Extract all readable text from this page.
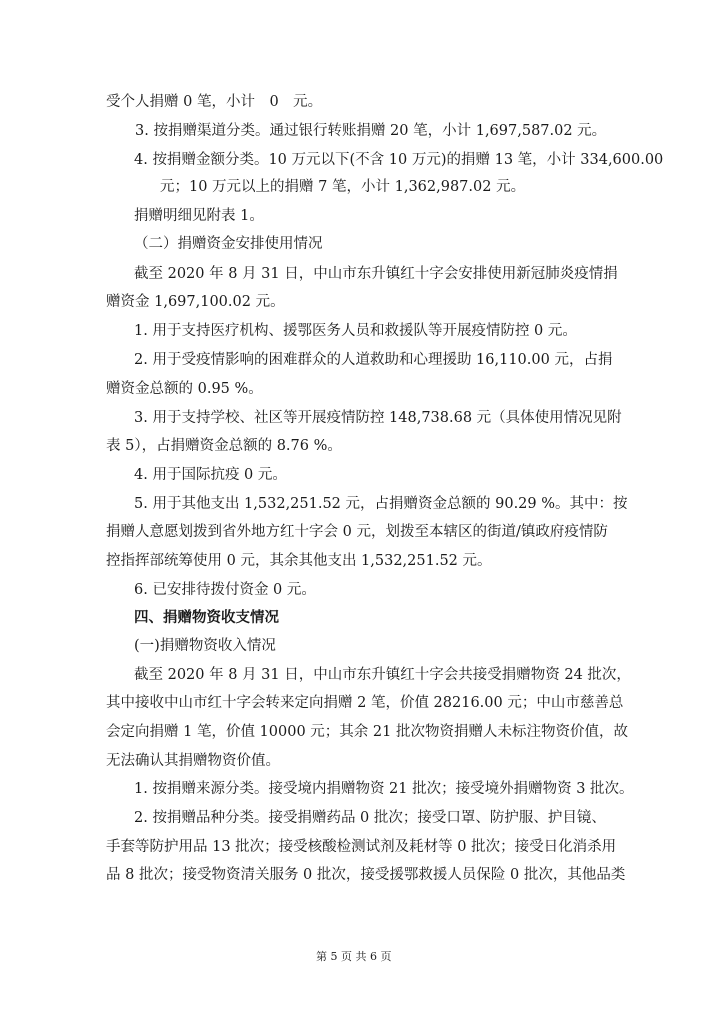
受个人捐赠 0 笔，小计　0　元。
3. 按捐赠渠道分类。通过银行转账捐赠 20 笔，小计 1,697,587.02 元。
4. 按捐赠金额分类。10 万元以下(不含 10 万元)的捐赠 13 笔，小计 334,600.00
元；10 万元以上的捐赠 7 笔，小计 1,362,987.02 元。
捐赠明细见附表 1。
（二）捐赠资金安排使用情况
截至 2020 年 8 月 31 日，中山市东升镇红十字会安排使用新冠肺炎疫情捐
赠资金 1,697,100.02 元。
1. 用于支持医疗机构、援鄂医务人员和救援队等开展疫情防控 0 元。
2. 用于受疫情影响的困难群众的人道救助和心理援助 16,110.00 元，占捐
赠资金总额的 0.95 %。
3. 用于支持学校、社区等开展疫情防控 148,738.68 元（具体使用情况见附
表 5），占捐赠资金总额的 8.76 %。
4. 用于国际抗疫 0 元。
5. 用于其他支出 1,532,251.52 元，占捐赠资金总额的 90.29 %。其中：按
捐赠人意愿划拨到省外地方红十字会 0 元，划拨至本辖区的街道/镇政府疫情防
控指挥部统筹使用 0 元，其余其他支出 1,532,251.52 元。
6. 已安排待拨付资金 0 元。
四、捐赠物资收支情况
(一)捐赠物资收入情况
截至 2020 年 8 月 31 日，中山市东升镇红十字会共接受捐赠物资 24 批次，
其中接收中山市红十字会转来定向捐赠 2 笔，价值 28216.00 元；中山市慈善总
会定向捐赠 1 笔，价值 10000 元；其余 21 批次物资捐赠人未标注物资价值，故
无法确认其捐赠物资价值。
1. 按捐赠来源分类。接受境内捐赠物资 21 批次；接受境外捐赠物资 3 批次。
2. 按捐赠品种分类。接受捐赠药品 0 批次；接受口罩、防护服、护目镜、
手套等防护用品 13 批次；接受核酸检测试剂及耗材等 0 批次；接受日化消杀用
品 8 批次；接受物资清关服务 0 批次，接受援鄂救援人员保险 0 批次，其他品类
第 5 页 共 6 页
